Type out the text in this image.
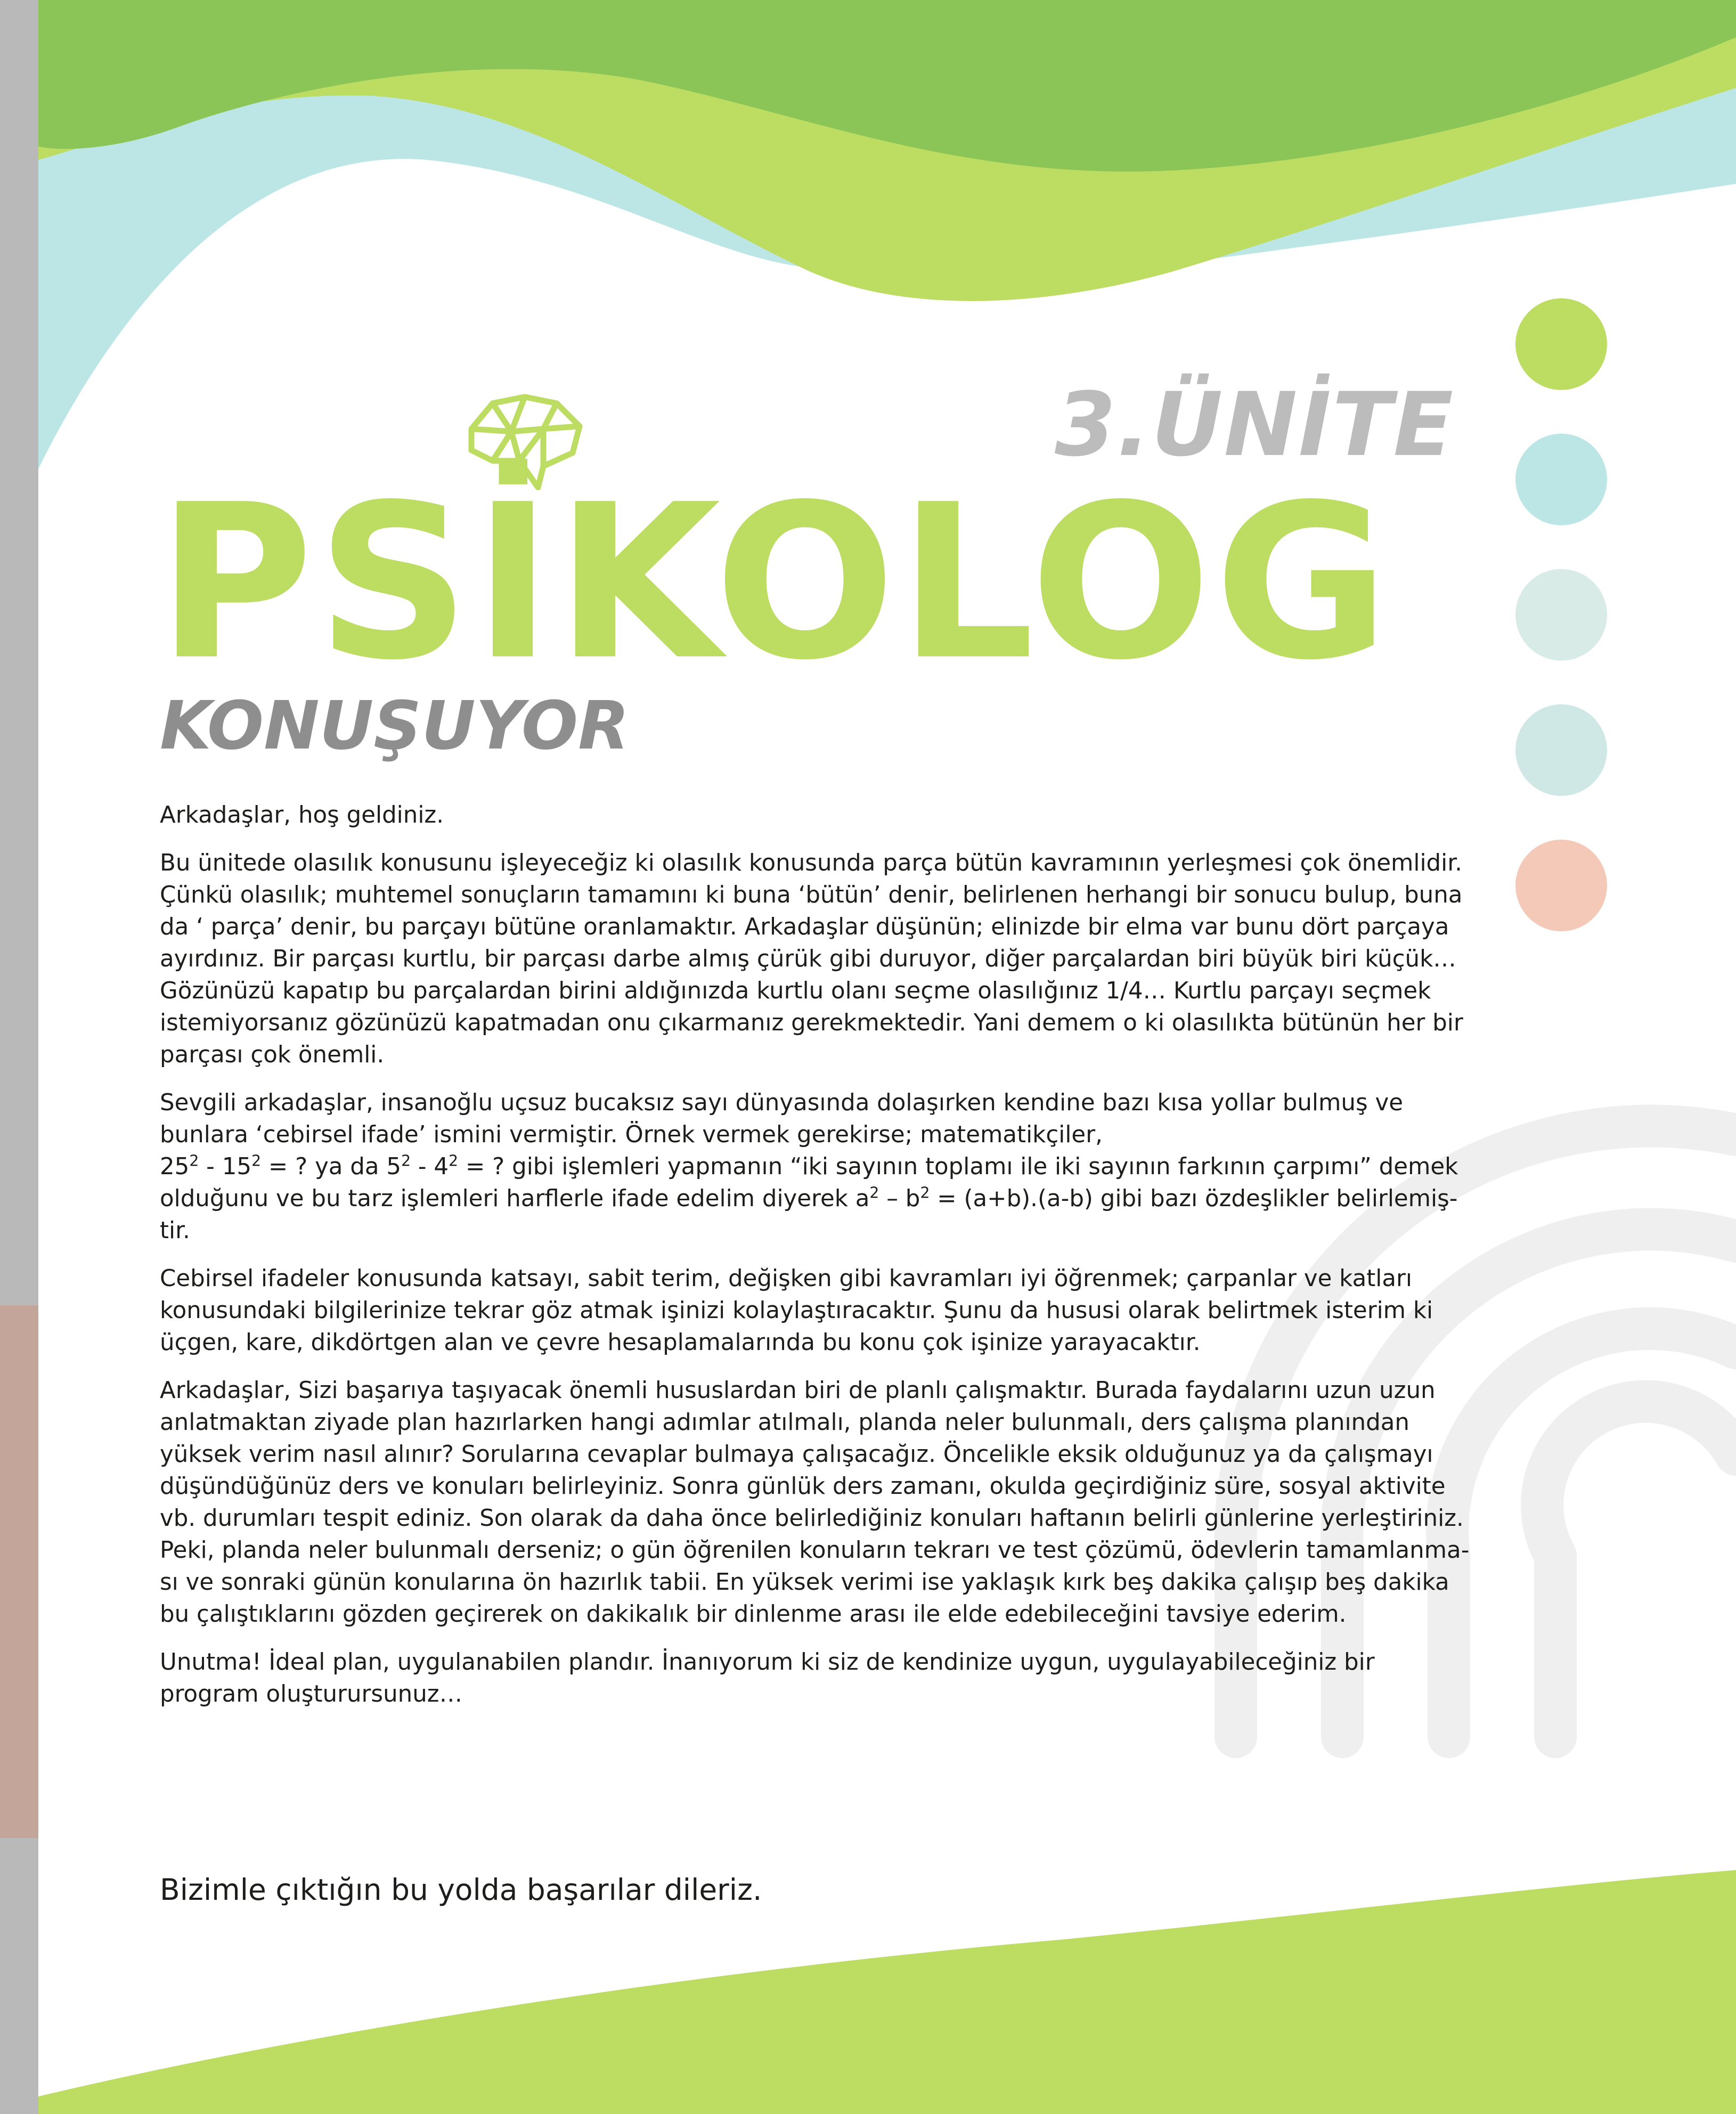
3.ÜNİTE
PSİKOLOG
KONUŞUYOR

Arkadaşlar, hoş geldiniz.

Bu ünitede olasılık konusunu işleyeceğiz ki olasılık konusunda parça bütün kavramının yerleşmesi çok önemlidir. Çünkü olasılık; muhtemel sonuçların tamamını ki buna ‘bütün’ denir, belirlenen herhangi bir sonucu bulup, buna da ‘ parça’ denir, bu parçayı bütüne oranlamaktır. Arkadaşlar düşünün; elinizde bir elma var bunu dört parçaya ayırdınız. Bir parçası kurtlu, bir parçası darbe almış çürük gibi duruyor, diğer parçalardan biri büyük biri küçük… Gözünüzü kapatıp bu parçalardan birini aldığınızda kurtlu olanı seçme olasılığınız 1/4… Kurtlu parçayı seçmek istemiyorsanız gözünüzü kapatmadan onu çıkarmanız gerekmektedir. Yani demem o ki olasılıkta bütünün her bir parçası çok önemli.

Sevgili arkadaşlar, insanoğlu uçsuz bucaksız sayı dünyasında dolaşırken kendine bazı kısa yollar bulmuş ve bunlara ‘cebirsel ifade’ ismini vermiştir. Örnek vermek gerekirse; matematikçiler,
$25^2 - 15^2$ = ? ya da $5^2 - 4^2$ = ? gibi işlemleri yapmanın “iki sayının toplamı ile iki sayının farkının çarpımı” demek olduğunu ve bu tarz işlemleri harflerle ifade edelim diyerek $a^2 - b^2 = (a+b).(a-b)$ gibi bazı özdeşlikler belirlemiş-tir.

Cebirsel ifadeler konusunda katsayı, sabit terim, değişken gibi kavramları iyi öğrenmek; çarpanlar ve katları konusundaki bilgilerinize tekrar göz atmak işinizi kolaylaştıracaktır. Şunu da hususi olarak belirtmek isterim ki üçgen, kare, dikdörtgen alan ve çevre hesaplamalarında bu konu çok işinize yarayacaktır.

Arkadaşlar, Sizi başarıya taşıyacak önemli hususlardan biri de planlı çalışmaktır. Burada faydalarını uzun uzun anlatmaktan ziyade plan hazırlarken hangi adımlar atılmalı, planda neler bulunmalı, ders çalışma planından yüksek verim nasıl alınır? Sorularına cevaplar bulmaya çalışacağız. Öncelikle eksik olduğunuz ya da çalışmayı düşündüğünüz ders ve konuları belirleyiniz. Sonra günlük ders zamanı, okulda geçirdiğiniz süre, sosyal aktivite vb. durumları tespit ediniz. Son olarak da daha önce belirlediğiniz konuları haftanın belirli günlerine yerleştiriniz. Peki, planda neler bulunmalı derseniz; o gün öğrenilen konuların tekrarı ve test çözümü, ödevlerin tamamlanma-sı ve sonraki günün konularına ön hazırlık tabii. En yüksek verimi ise yaklaşık kırk beş dakika çalışıp beş dakika bu çalıştıklarını gözden geçirerek on dakikalık bir dinlenme arası ile elde edebileceğini tavsiye ederim.

Unutma! İdeal plan, uygulanabilen plandır. İnanıyorum ki siz de kendinize uygun, uygulayabileceğiniz bir program oluşturursunuz…

Bizimle çıktığın bu yolda başarılar dileriz.
